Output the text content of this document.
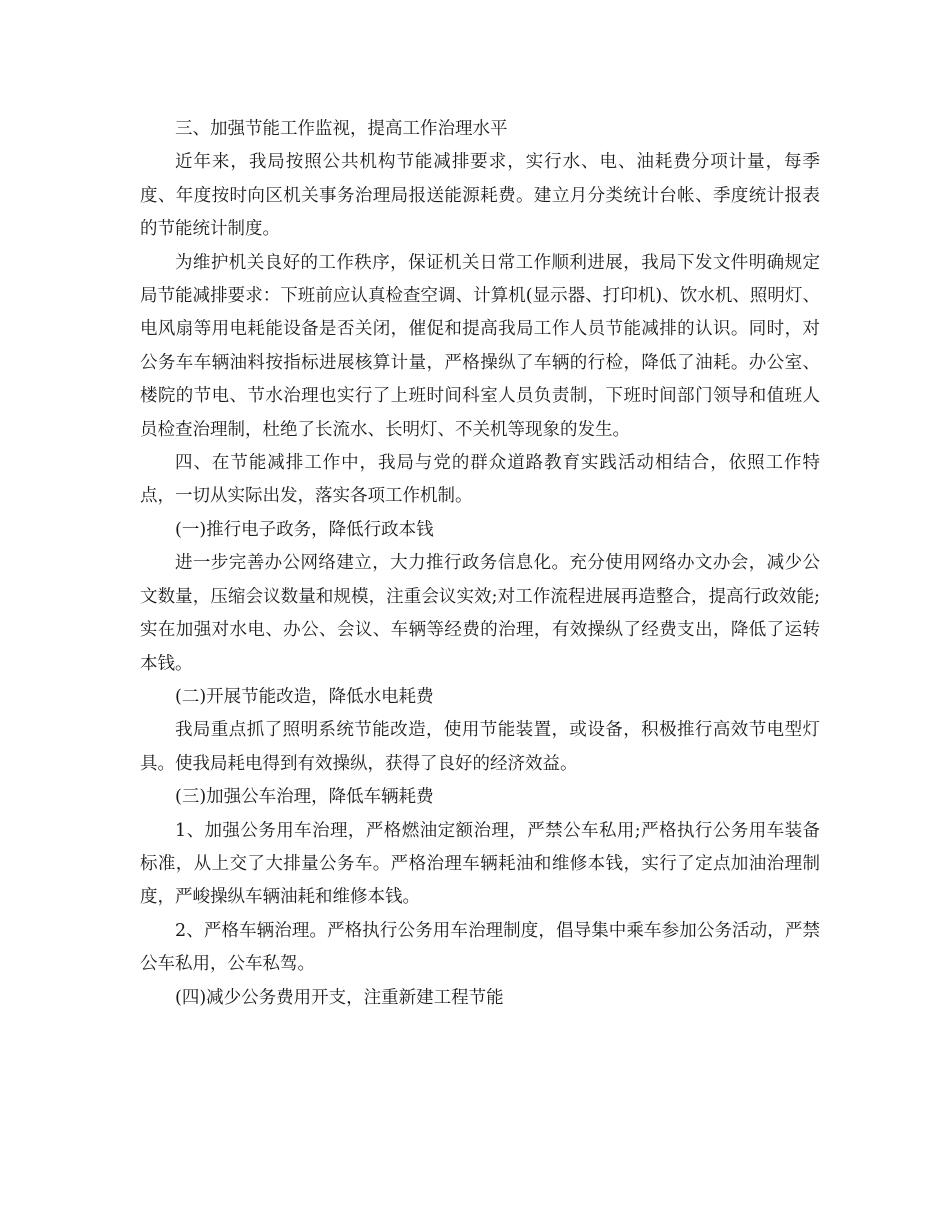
三、加强节能工作监视，提高工作治理水平

近年来，我局按照公共机构节能减排要求，实行水、电、油耗费分项计量，每季度、年度按时向区机关事务治理局报送能源耗费。建立月分类统计台帐、季度统计报表的节能统计制度。

为维护机关良好的工作秩序，保证机关日常工作顺利进展，我局下发文件明确规定局节能减排要求：下班前应认真检查空调、计算机(显示器、打印机)、饮水机、照明灯、电风扇等用电耗能设备是否关闭，催促和提高我局工作人员节能减排的认识。同时，对公务车车辆油料按指标进展核算计量，严格操纵了车辆的行检，降低了油耗。办公室、楼院的节电、节水治理也实行了上班时间科室人员负责制，下班时间部门领导和值班人员检查治理制，杜绝了长流水、长明灯、不关机等现象的发生。

四、在节能减排工作中，我局与党的群众道路教育实践活动相结合，依照工作特点，一切从实际出发，落实各项工作机制。

(一)推行电子政务，降低行政本钱

进一步完善办公网络建立，大力推行政务信息化。充分使用网络办文办会，减少公文数量，压缩会议数量和规模，注重会议实效;对工作流程进展再造整合，提高行政效能;实在加强对水电、办公、会议、车辆等经费的治理，有效操纵了经费支出，降低了运转本钱。

(二)开展节能改造，降低水电耗费

我局重点抓了照明系统节能改造，使用节能装置，或设备，积极推行高效节电型灯具。使我局耗电得到有效操纵，获得了良好的经济效益。

(三)加强公车治理，降低车辆耗费

1、加强公务用车治理，严格燃油定额治理，严禁公车私用;严格执行公务用车装备标准，从上交了大排量公务车。严格治理车辆耗油和维修本钱，实行了定点加油治理制度，严峻操纵车辆油耗和维修本钱。

2、严格车辆治理。严格执行公务用车治理制度，倡导集中乘车参加公务活动，严禁公车私用，公车私驾。

(四)减少公务费用开支，注重新建工程节能
